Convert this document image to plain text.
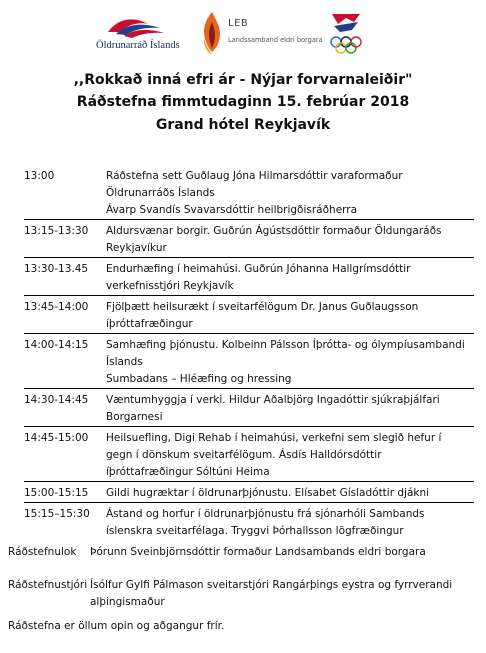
Öldrunarráð Íslands
LEB
Landssamband eldri borgara
,,Rokkað inná efri ár - Nýjar forvarnaleiðir"
Ráðstefna fimmtudaginn 15. febrúar 2018
Grand hótel Reykjavík
13:00	Ráðstefna sett Guðlaug Jóna Hilmarsdóttir varaformaður Öldrunarráðs Íslands
Ávarp Svandís Svavarsdóttir heilbrigðisráðherra
13:15-13:30	Aldursvænar borgir. Guðrún Ágústsdóttir formaður Öldungaráðs Reykjavíkur
13:30-13.45	Endurhæfing í heimahúsi. Guðrún Jóhanna Hallgrímsdóttir verkefnisstjóri Reykjavík
13:45-14:00	Fjölþætt heilsurækt í sveitarfélögum Dr. Janus Guðlaugsson íþróttafræðingur
14:00-14:15	Samhæfing þjónustu. Kolbeinn Pálsson Íþrótta- og ólympíusambandi Íslands
Sumbadans – Hléæfing og hressing
14:30-14:45	Væntumhyggja í verki. Hildur Aðalbjörg Ingadóttir sjúkraþjálfari Borgarnesi
14:45-15:00	Heilsuefling, Digi Rehab í heimahúsi, verkefni sem slegið hefur í gegn í dönskum sveitarfélögum. Ásdís Halldórsdóttir íþróttafræðingur Sóltúni Heima
15:00-15:15	Gildi hugræktar í öldrunarþjónustu. Elísabet Gísladóttir djákni
15:15–15:30	Ástand og horfur í öldrunarþjónustu frá sjónarhóli Sambands íslenskra sveitarfélaga. Tryggvi Þórhallsson lögfræðingur
Ráðstefnulok	Þórunn Sveinbjörnsdóttir formaður Landsambands eldri borgara
Ráðstefnustjóri Ísólfur Gylfi Pálmason sveitarstjóri Rangárþings eystra og fyrrverandi alþingismaður
Ráðstefna er öllum opin og aðgangur frír.
